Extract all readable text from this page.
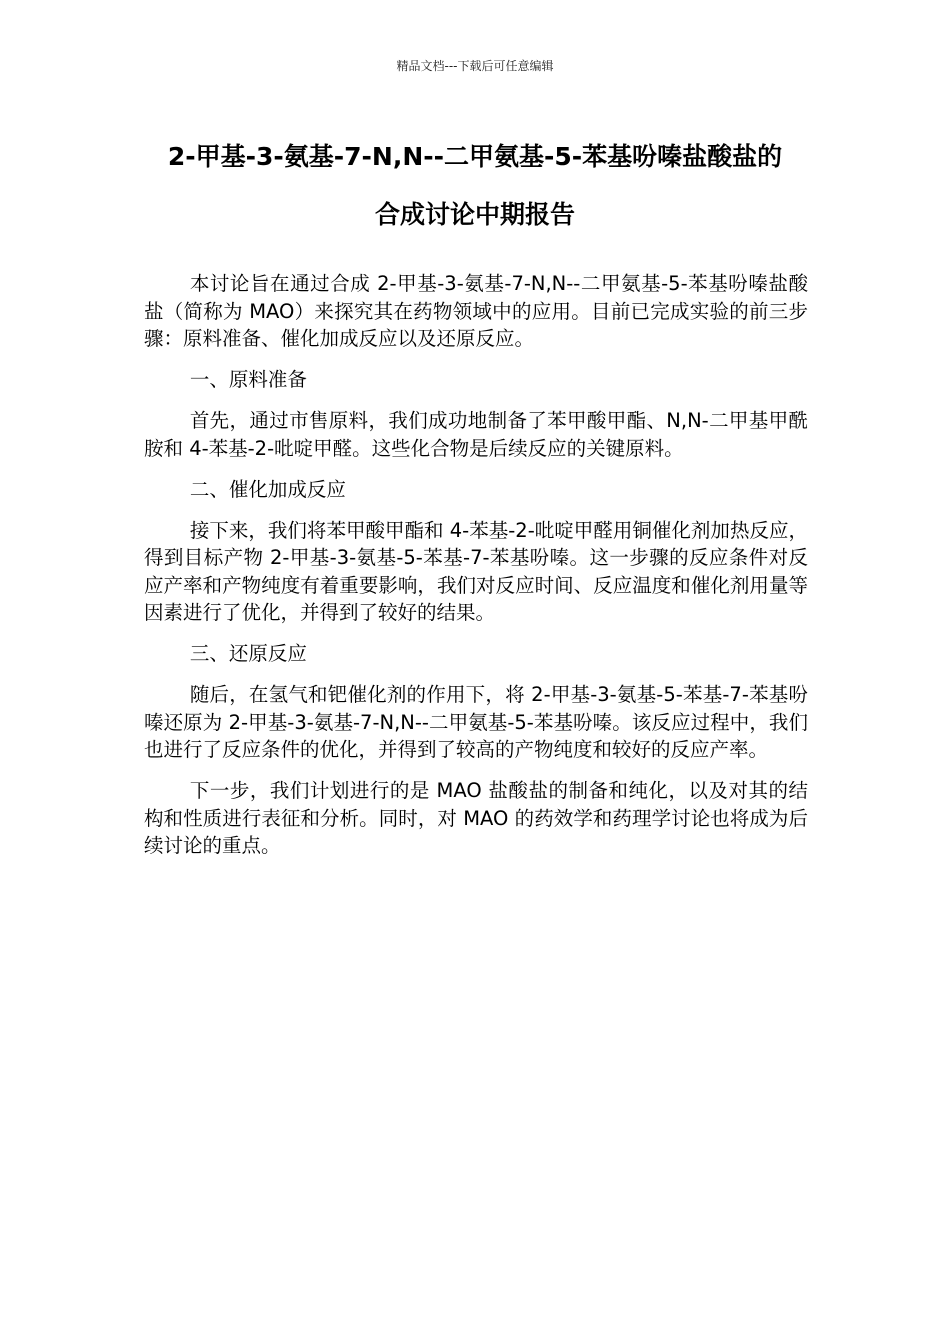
精品文档---下载后可任意编辑
2-甲基-3-氨基-7-N,N--二甲氨基-5-苯基吩嗪盐酸盐的
合成讨论中期报告

本讨论旨在通过合成 2-甲基-3-氨基-7-N,N--二甲氨基-5-苯基吩嗪盐酸盐（简称为 MAO）来探究其在药物领域中的应用。目前已完成实验的前三步骤：原料准备、催化加成反应以及还原反应。

一、原料准备

首先，通过市售原料，我们成功地制备了苯甲酸甲酯、N,N-二甲基甲酰胺和 4-苯基-2-吡啶甲醛。这些化合物是后续反应的关键原料。

二、催化加成反应

接下来，我们将苯甲酸甲酯和 4-苯基-2-吡啶甲醛用铜催化剂加热反应，得到目标产物 2-甲基-3-氨基-5-苯基-7-苯基吩嗪。这一步骤的反应条件对反应产率和产物纯度有着重要影响，我们对反应时间、反应温度和催化剂用量等因素进行了优化，并得到了较好的结果。

三、还原反应

随后，在氢气和钯催化剂的作用下，将 2-甲基-3-氨基-5-苯基-7-苯基吩嗪还原为 2-甲基-3-氨基-7-N,N--二甲氨基-5-苯基吩嗪。该反应过程中，我们也进行了反应条件的优化，并得到了较高的产物纯度和较好的反应产率。

下一步，我们计划进行的是 MAO 盐酸盐的制备和纯化，以及对其的结构和性质进行表征和分析。同时，对 MAO 的药效学和药理学讨论也将成为后续讨论的重点。
